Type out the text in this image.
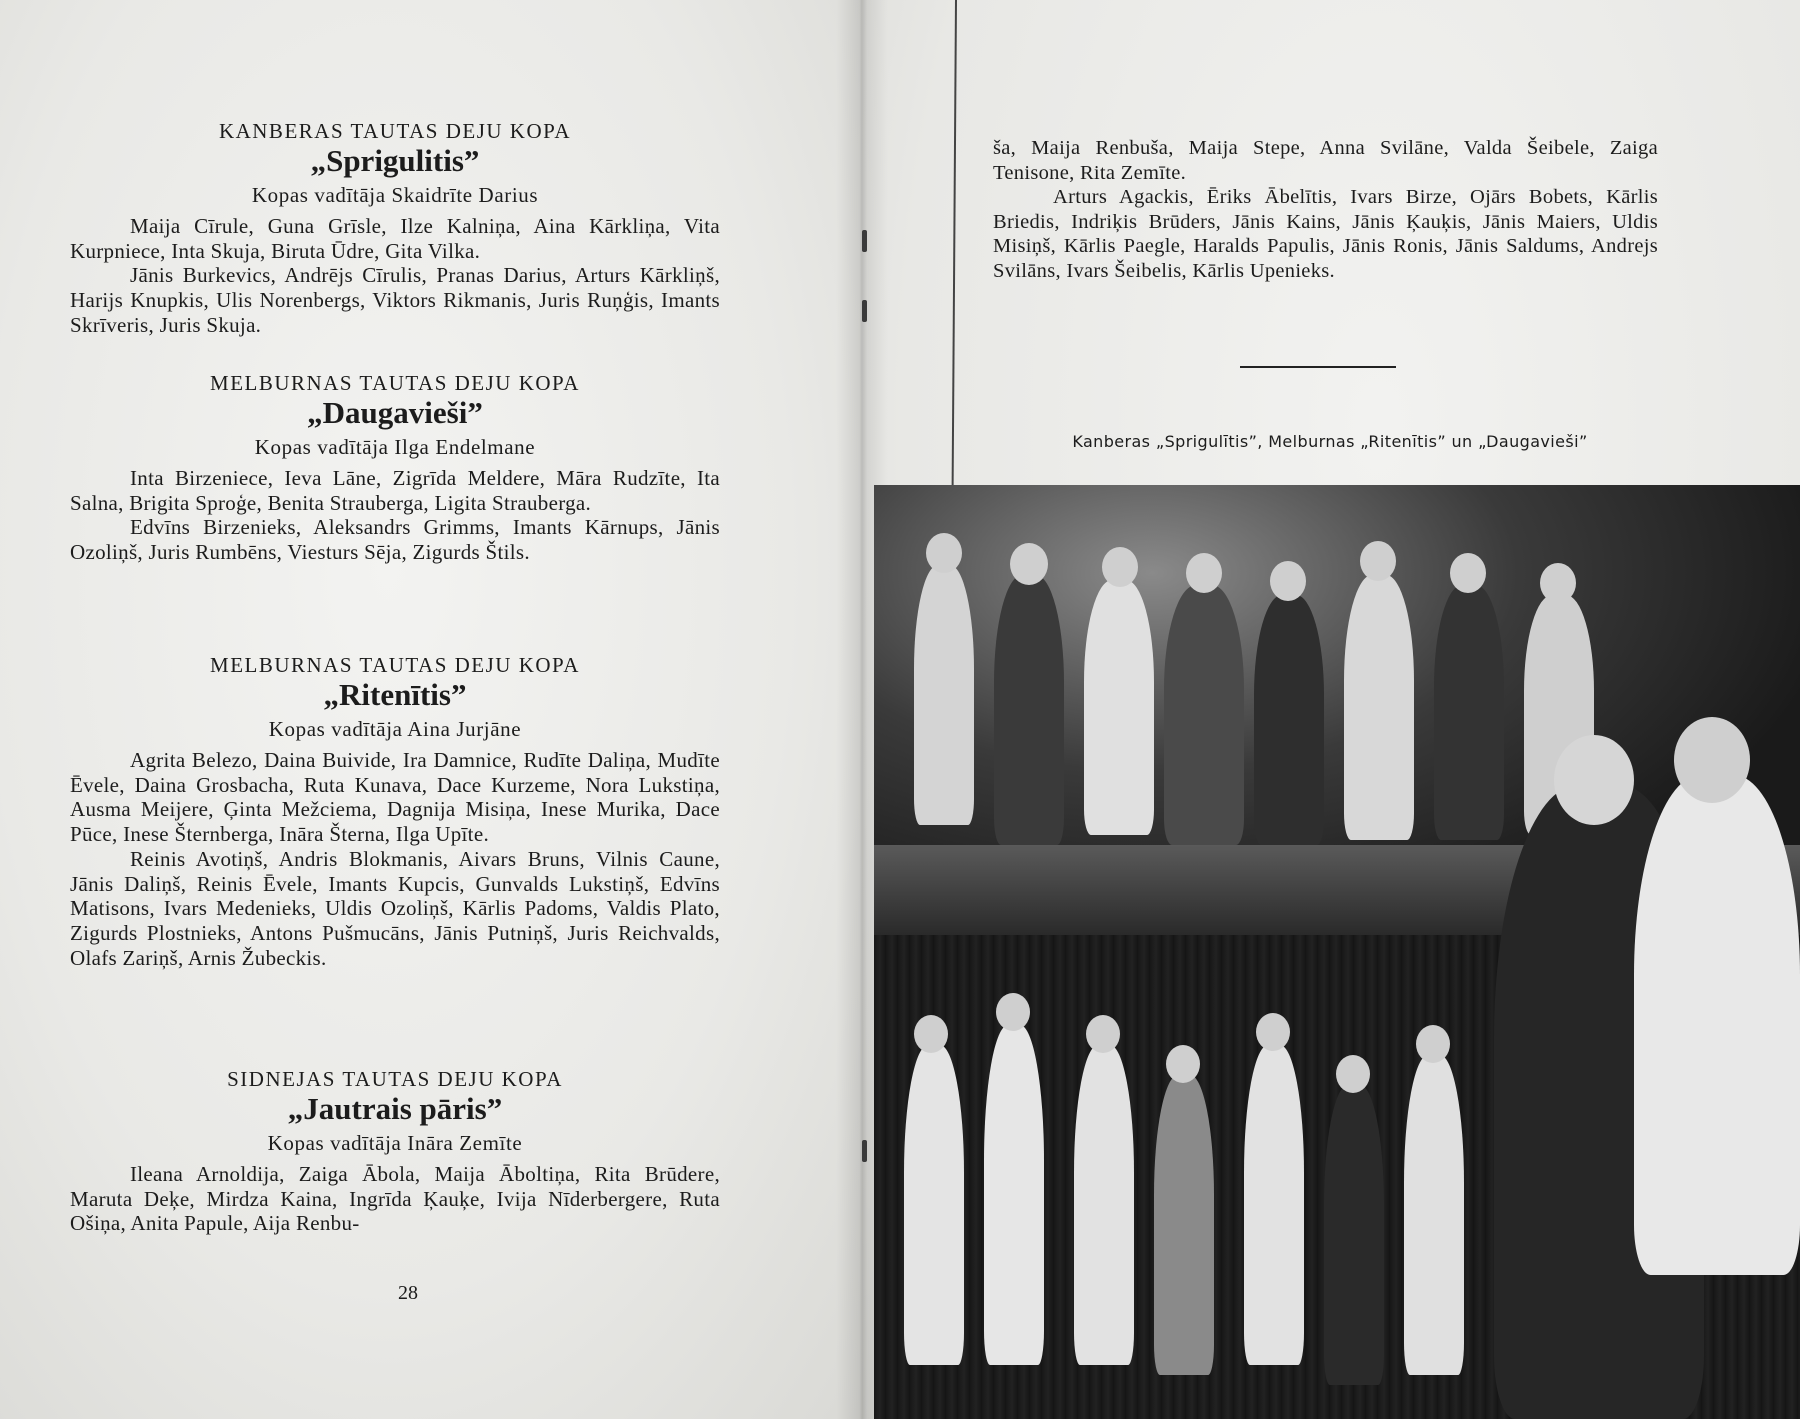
KANBERAS TAUTAS DEJU KOPA

„Sprigulitis”

Kopas vadītāja Skaidrīte Darius

Maija Cīrule, Guna Grīsle, Ilze Kalniņa, Aina Kārkliņa, Vita Kurpniece, Inta Skuja, Biruta Ūdre, Gita Vilka.

Jānis Burkevics, Andrējs Cīrulis, Pranas Darius, Arturs Kārkliņš, Harijs Knupkis, Ulis Norenbergs, Viktors Rikmanis, Juris Ruņģis, Imants Skrīveris, Juris Skuja.

MELBURNAS TAUTAS DEJU KOPA

„Daugavieši”

Kopas vadītāja Ilga Endelmane

Inta Birzeniece, Ieva Lāne, Zigrīda Meldere, Māra Rudzīte, Ita Salna, Brigita Sproģe, Benita Strauberga, Ligita Strauberga.

Edvīns Birzenieks, Aleksandrs Grimms, Imants Kārnups, Jānis Ozoliņš, Juris Rumbēns, Viesturs Sēja, Zigurds Štils.

MELBURNAS TAUTAS DEJU KOPA

„Ritenītis”

Kopas vadītāja Aina Jurjāne

Agrita Belezo, Daina Buivide, Ira Damnice, Rudīte Daliņa, Mudīte Ēvele, Daina Grosbacha, Ruta Kunava, Dace Kurzeme, Nora Lukstiņa, Ausma Meijere, Ģinta Mežciema, Dagnija Misiņa, Inese Murika, Dace Pūce, Inese Šternberga, Ināra Šterna, Ilga Upīte.

Reinis Avotiņš, Andris Blokmanis, Aivars Bruns, Vilnis Caune, Jānis Daliņš, Reinis Ēvele, Imants Kupcis, Gunvalds Lukstiņš, Edvīns Matisons, Ivars Medenieks, Uldis Ozoliņš, Kārlis Padoms, Valdis Plato, Zigurds Plostnieks, Antons Pušmucāns, Jānis Putniņš, Juris Reichvalds, Olafs Zariņš, Arnis Žubeckis.

SIDNEJAS TAUTAS DEJU KOPA

„Jautrais pāris”

Kopas vadītāja Ināra Zemīte

Ileana Arnoldija, Zaiga Ābola, Maija Āboltiņa, Rita Brūdere, Maruta Deķe, Mirdza Kaina, Ingrīda Ķauķe, Ivija Nīderbergere, Ruta Ošiņa, Anita Papule, Aija Renbu-

28

ša, Maija Renbuša, Maija Stepe, Anna Svilāne, Valda Šeibele, Zaiga Tenisone, Rita Zemīte.

Arturs Agackis, Ēriks Ābelītis, Ivars Birze, Ojārs Bobets, Kārlis Briedis, Indriķis Brūders, Jānis Kains, Jānis Ķauķis, Jānis Maiers, Uldis Misiņš, Kārlis Paegle, Haralds Papulis, Jānis Ronis, Jānis Saldums, Andrejs Svilāns, Ivars Šeibelis, Kārlis Upenieks.

Kanberas „Sprigulītis”, Melburnas „Ritenītis” un „Daugavieši”
